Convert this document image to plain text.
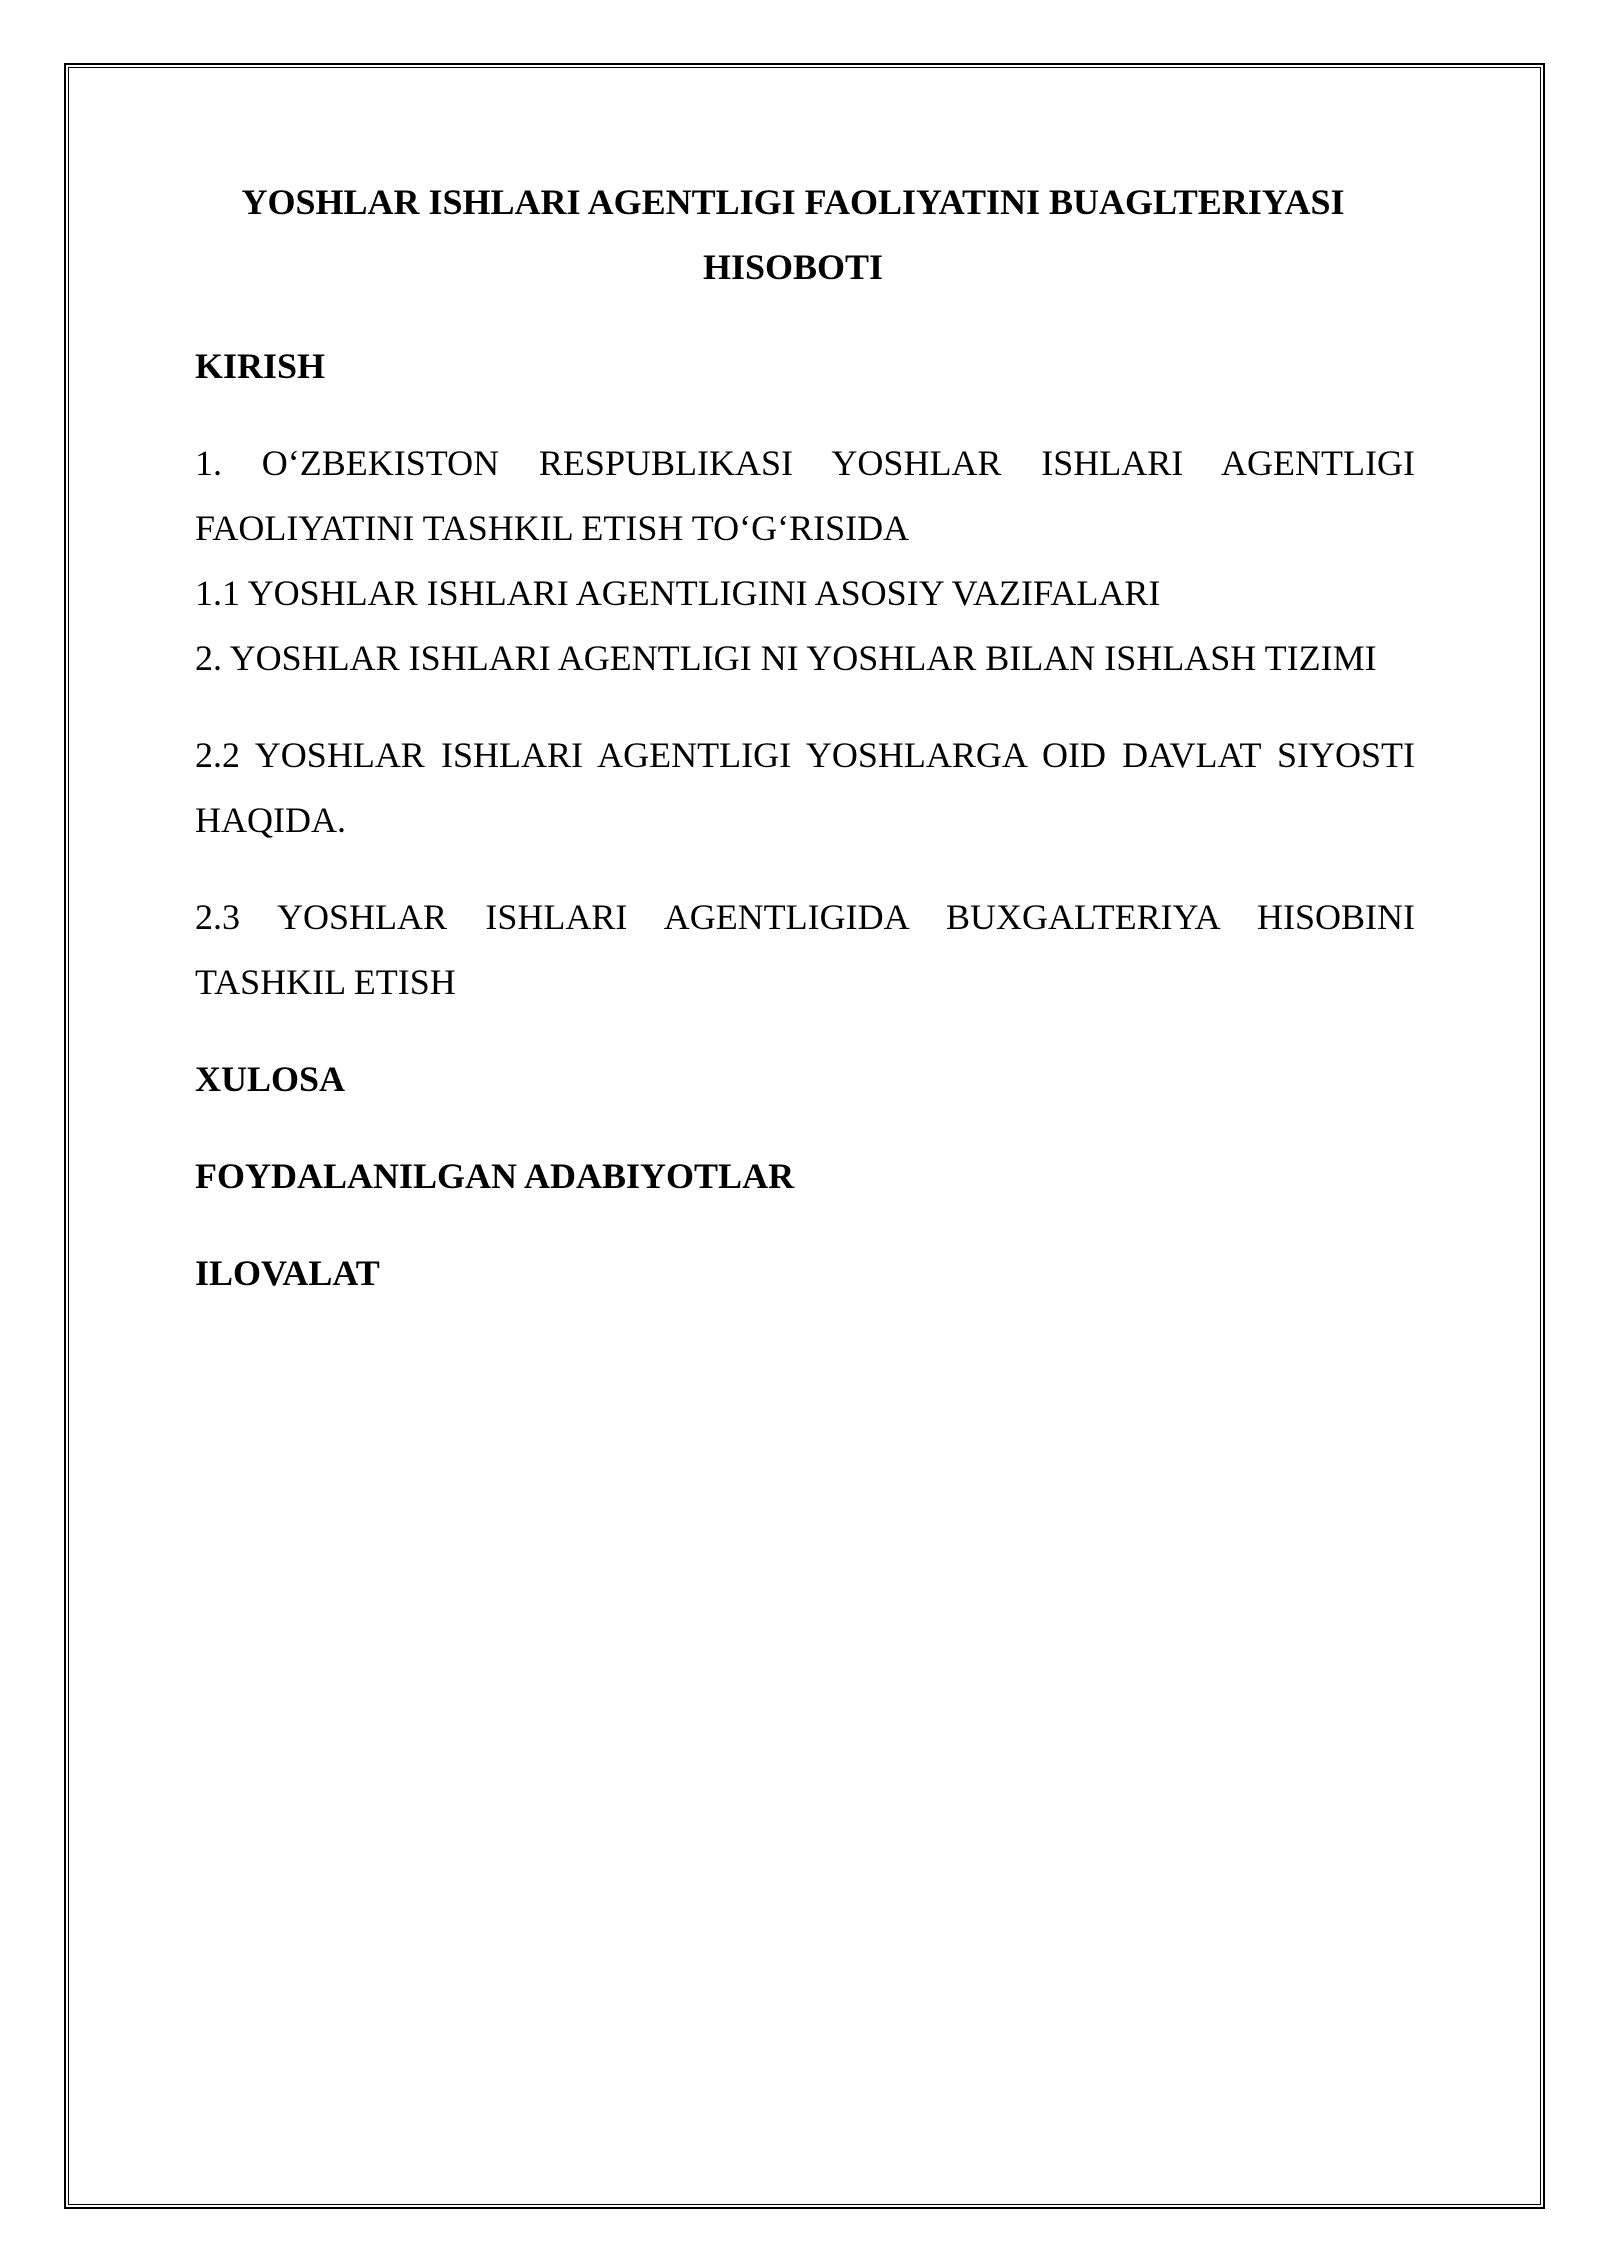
YOSHLAR ISHLARI AGENTLIGI FAOLIYATINI BUAGLTERIYASI HISOBOTI
KIRISH

1. O‘ZBEKISTON RESPUBLIKASI YOSHLAR ISHLARI AGENTLIGI FAOLIYATINI TASHKIL ETISH TO‘G‘RISIDA

1.1 YOSHLAR ISHLARI AGENTLIGINI ASOSIY VAZIFALARI

2. YOSHLAR ISHLARI AGENTLIGI NI YOSHLAR BILAN ISHLASH TIZIMI

2.2 YOSHLAR ISHLARI AGENTLIGI YOSHLARGA OID DAVLAT SIYOSTI HAQIDA.

2.3 YOSHLAR ISHLARI AGENTLIGIDA BUXGALTERIYA HISOBINI TASHKIL ETISH

XULOSA
FOYDALANILGAN ADABIYOTLAR
ILOVALAT
